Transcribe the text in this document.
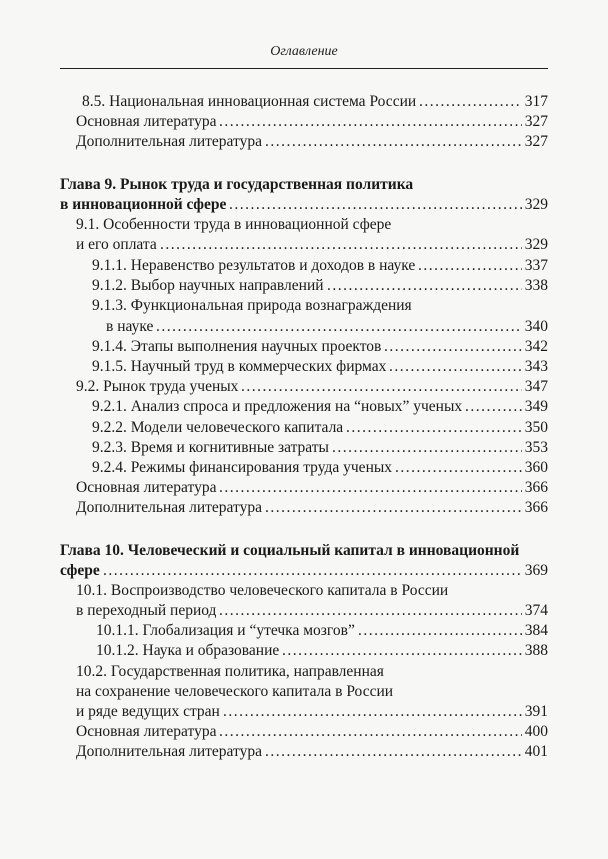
Оглавление
8.5. Национальная инновационная система России .....	317
Основная литература .....	327
Дополнительная литература .....	327
Глава 9. Рынок труда и государственная политика
в инновационной сфере .....	329
9.1. Особенности труда в инновационной сфере
и его оплата .....	329
9.1.1. Неравенство результатов и доходов в науке .....	337
9.1.2. Выбор научных направлений .....	338
9.1.3. Функциональная природа вознаграждения
в науке .....	340
9.1.4. Этапы выполнения научных проектов .....	342
9.1.5. Научный труд в коммерческих фирмах .....	343
9.2. Рынок труда ученых .....	347
9.2.1. Анализ спроса и предложения на “новых” ученых .....	349
9.2.2. Модели человеческого капитала .....	350
9.2.3. Время и когнитивные затраты .....	353
9.2.4. Режимы финансирования труда ученых .....	360
Основная литература .....	366
Дополнительная литература .....	366
Глава 10. Человеческий и социальный капитал в инновационной
сфере .....	369
10.1. Воспроизводство человеческого капитала в России
в переходный период .....	374
10.1.1. Глобализация и “утечка мозгов” .....	384
10.1.2. Наука и образование .....	388
10.2. Государственная политика, направленная
на сохранение человеческого капитала в России
и ряде ведущих стран .....	391
Основная литература .....	400
Дополнительная литература .....	401
